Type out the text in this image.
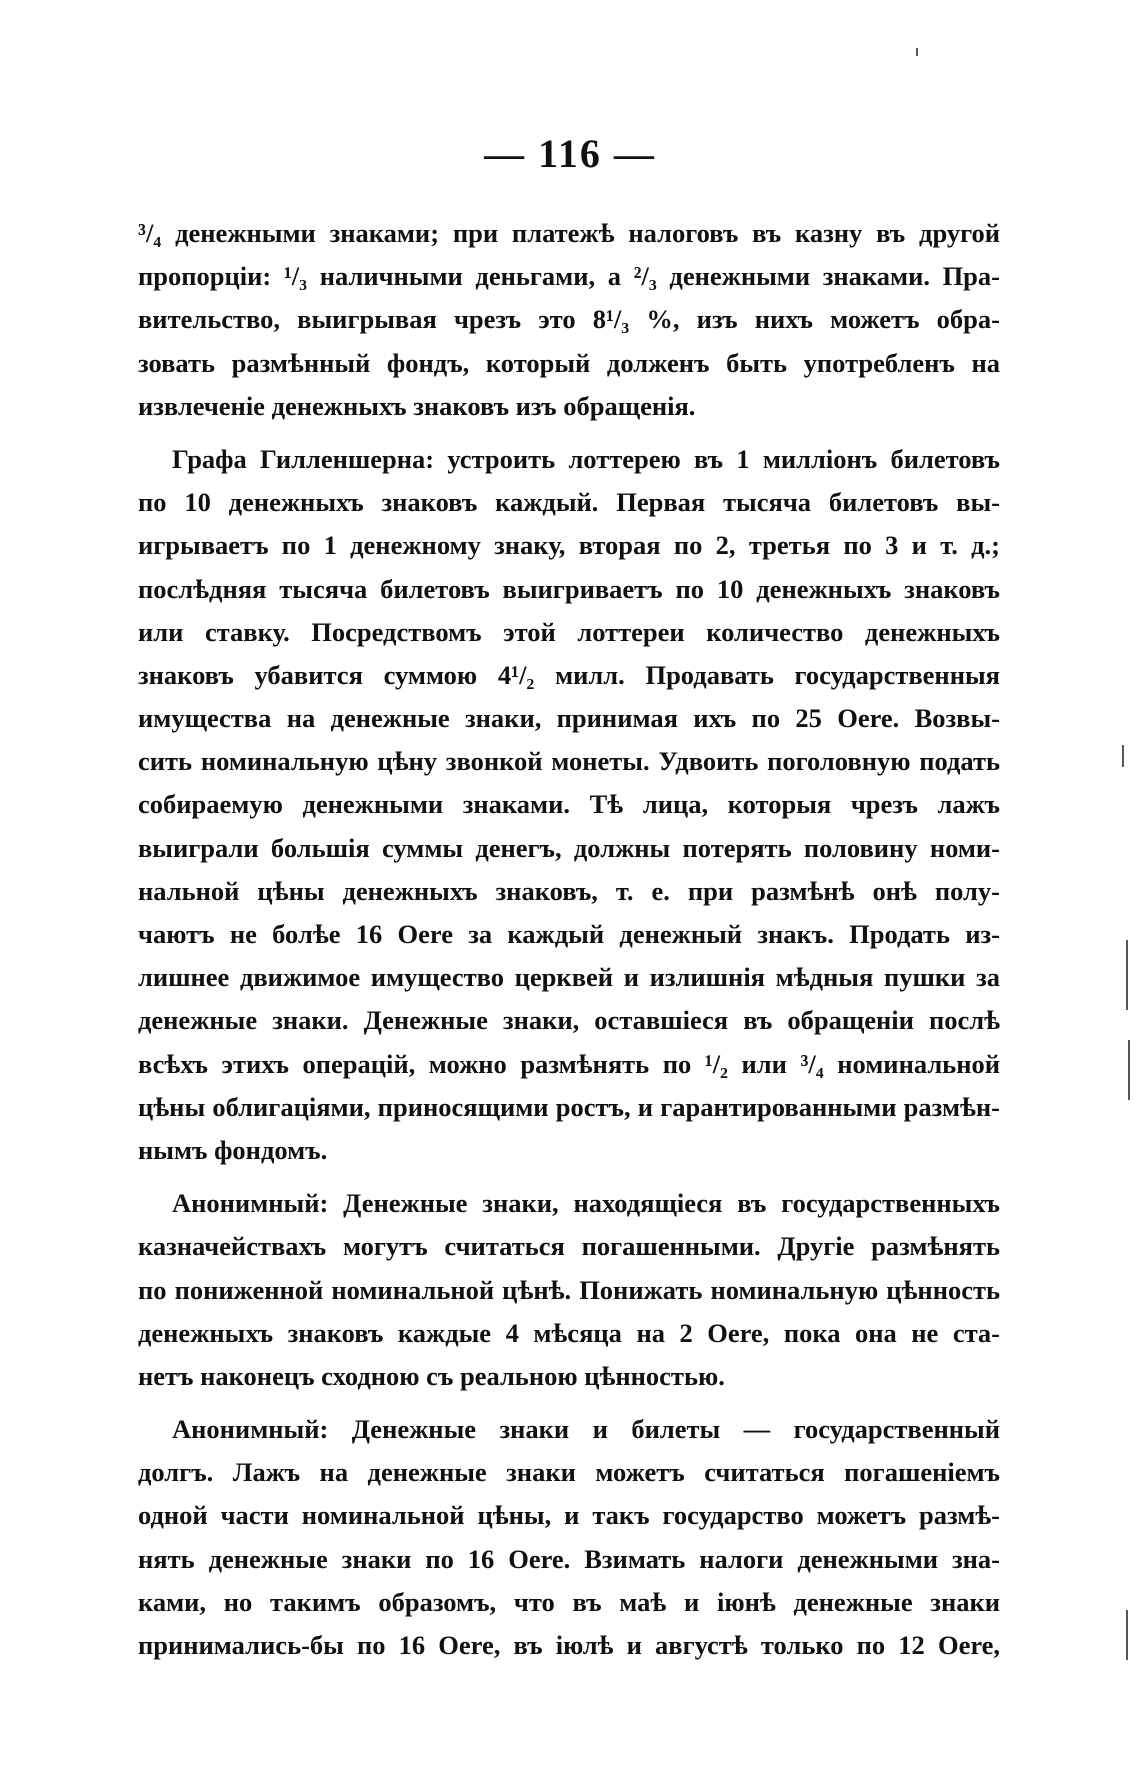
— 116 —
³/₄ денежными знаками; при платежѣ налоговъ въ казну въ другой
пропорціи: ¹/₃ наличными деньгами, а ²/₃ денежными знаками. Пра-
вительство, выигрывая чрезъ это 8¹/₃ %, изъ нихъ можетъ обра-
зовать размѣнный фондъ, который долженъ быть употребленъ на
извлеченіе денежныхъ знаковъ изъ обращенія.
Графа Гилленшерна: устроить лоттерею въ 1 милліонъ билетовъ
по 10 денежныхъ знаковъ каждый. Первая тысяча билетовъ вы-
игрываетъ по 1 денежному знаку, вторая по 2, третья по 3 и т. д.;
послѣдняя тысяча билетовъ выигриваетъ по 10 денежныхъ знаковъ
или ставку. Посредствомъ этой лоттереи количество денежныхъ
знаковъ убавится суммою 4¹/₂ милл. Продавать государственныя
имущества на денежные знаки, принимая ихъ по 25 Oere. Возвы-
сить номинальную цѣну звонкой монеты. Удвоить поголовную подать
собираемую денежными знаками. Тѣ лица, которыя чрезъ лажъ
выиграли большія суммы денегъ, должны потерять половину номи-
нальной цѣны денежныхъ знаковъ, т. е. при размѣнѣ онѣ полу-
чаютъ не болѣе 16 Oere за каждый денежный знакъ. Продать из-
лишнее движимое имущество церквей и излишнія мѣдныя пушки за
денежные знаки. Денежные знаки, оставшіеся въ обращеніи послѣ
всѣхъ этихъ операцій, можно размѣнять по ¹/₂ или ³/₄ номинальной
цѣны облигаціями, приносящими ростъ, и гарантированными размѣн-
нымъ фондомъ.
Анонимный: Денежные знаки, находящіеся въ государственныхъ
казначействахъ могутъ считаться погашенными. Другіе размѣнять
по пониженной номинальной цѣнѣ. Понижать номинальную цѣнность
денежныхъ знаковъ каждые 4 мѣсяца на 2 Oere, пока она не ста-
нетъ наконецъ сходною съ реальною цѣнностью.
Анонимный: Денежные знаки и билеты — государственный
долгъ. Лажъ на денежные знаки можетъ считаться погашеніемъ
одной части номинальной цѣны, и такъ государство можетъ размѣ-
нять денежные знаки по 16 Oere. Взимать налоги денежными зна-
ками, но такимъ образомъ, что въ маѣ и іюнѣ денежные знаки
принимались-бы по 16 Oere, въ іюлѣ и августѣ только по 12 Oere,
